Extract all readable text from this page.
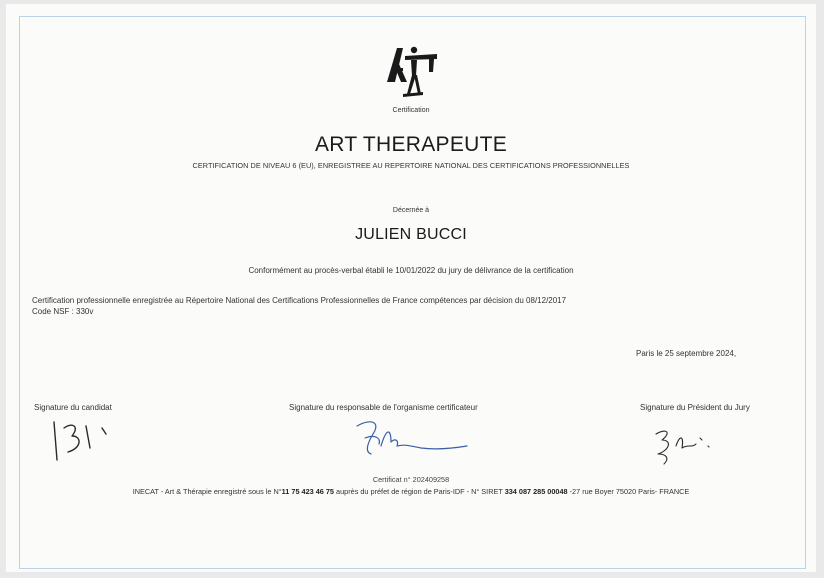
Certification
ART THERAPEUTE
CERTIFICATION DE NIVEAU 6 (EU), ENREGISTREE AU REPERTOIRE NATIONAL DES CERTIFICATIONS PROFESSIONNELLES
Décernée à
JULIEN BUCCI
Conformément au procès-verbal établi le 10/01/2022 du jury de délivrance de la certification
Certification professionnelle enregistrée au Répertoire National des Certifications Professionnelles de France compétences par décision du 08/12/2017
Code NSF : 330v
Paris le 25 septembre 2024,
Signature du candidat	Signature du responsable de l'organisme certificateur	Signature du Président du Jury
Certificat n° 202409258
INECAT - Art & Thérapie enregistré sous le N°11 75 423 46 75 auprès du préfet de région de Paris-IDF - N° SIRET 334 087 285 00048 -27 rue Boyer 75020 Paris- FRANCE
